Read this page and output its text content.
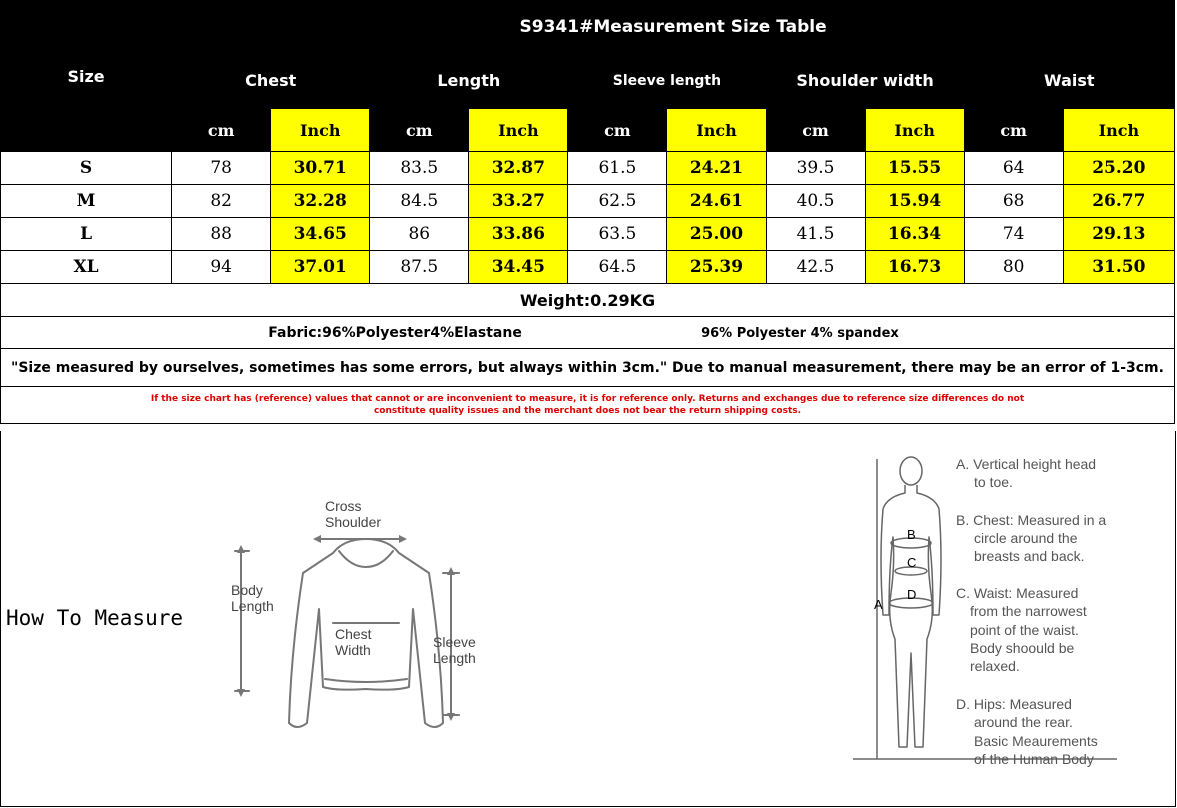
Size	S9341#Measurement Size Table									
	Chest		Length		Sleeve length		Shoulder width		Waist	
	cm	Inch	cm	Inch	cm	Inch	cm	Inch	cm	Inch
S	78	30.71	83.5	32.87	61.5	24.21	39.5	15.55	64	25.20
M	82	32.28	84.5	33.27	62.5	24.61	40.5	15.94	68	26.77
L	88	34.65	86	33.86	63.5	25.00	41.5	16.34	74	29.13
XL	94	37.01	87.5	34.45	64.5	25.39	42.5	16.73	80	31.50
Weight:0.29KG										
Fabric:96%Polyester4%Elastane 96% Polyester 4% spandex										
"Size measured by ourselves, sometimes has some errors, but always within 3cm." Due to manual measurement, there may be an error of 1-3cm.										

If the size chart has (reference) values that cannot or are inconvenient to measure, it is for reference only. Returns and exchanges due to reference size differences do not
constitute quality issues and the merchant does not bear the return shipping costs.										
How To Measure
Cross
Shoulder
Body
Length
Chest
Width	Sleeve
Length
A
B
C
D
A. Vertical height head
to toe.
B. Chest: Measured in a
circle around the
breasts and back.
C. Waist: Measured
from the narrowest
point of the waist.
Body shoould be
relaxed.
D. Hips: Measured
around the rear.
Basic Meaurements
of the Human Body
